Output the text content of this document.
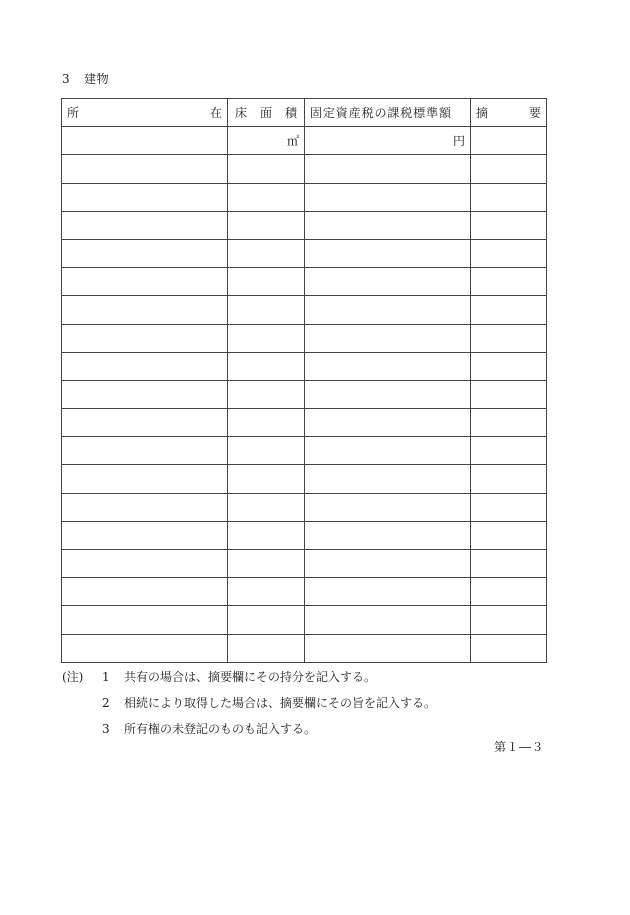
3 建物
所 在	床 面 積	固定資産税の課税標準額	摘 要

	㎡	円	

(注)	1	共有の場合は、摘要欄にその持分を記入する。
2	相続により取得した場合は、摘要欄にその旨を記入する。
3	所有権の未登記のものも記入する。
第１―３
